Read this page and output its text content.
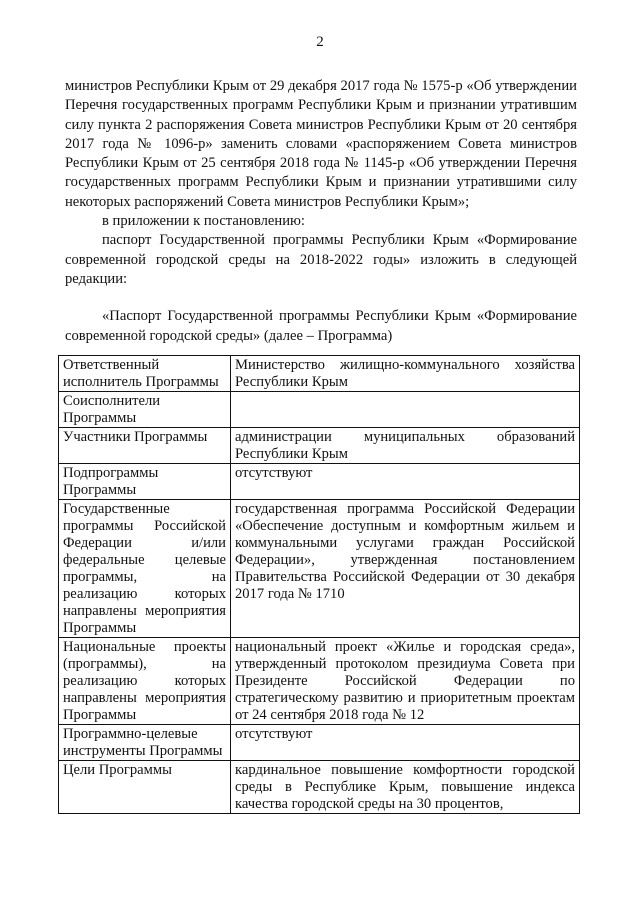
2

министров Республики Крым от 29 декабря 2017 года № 1575-р «Об утверждении Перечня государственных программ Республики Крым и признании утратившим силу пункта 2 распоряжения Совета министров Республики Крым от 20 сентября 2017 года № 1096-р» заменить словами «распоряжением Совета министров Республики Крым от 25 сентября 2018 года № 1145-р «Об утверждении Перечня государственных программ Республики Крым и признании утратившими силу некоторых распоряжений Совета министров Республики Крым»;

в приложении к постановлению:

паспорт Государственной программы Республики Крым «Формирование современной городской среды на 2018-2022 годы» изложить в следующей редакции:

«Паспорт Государственной программы Республики Крым «Формирование современной городской среды» (далее – Программа)

Ответственный исполнитель Программы	Министерство жилищно-коммунального хозяйства Республики Крым
Соисполнители Программы	
Участники Программы	администрации муниципальных образований Республики Крым
Подпрограммы Программы	отсутствуют
Государственные программы Российской Федерации и/или федеральные целевые программы, на реализацию которых направлены мероприятия Программы	государственная программа Российской Федерации «Обеспечение доступным и комфортным жильем и коммунальными услугами граждан Российской Федерации», утвержденная постановлением Правительства Российской Федерации от 30 декабря 2017 года № 1710
Национальные проекты (программы), на реализацию которых направлены мероприятия Программы	национальный проект «Жилье и городская среда», утвержденный протоколом президиума Совета при Президенте Российской Федерации по стратегическому развитию и приоритетным проектам от 24 сентября 2018 года № 12
Программно-целевые инструменты Программы	отсутствуют
Цели Программы	кардинальное повышение комфортности городской среды в Республике Крым, повышение индекса качества городской среды на 30 процентов,
